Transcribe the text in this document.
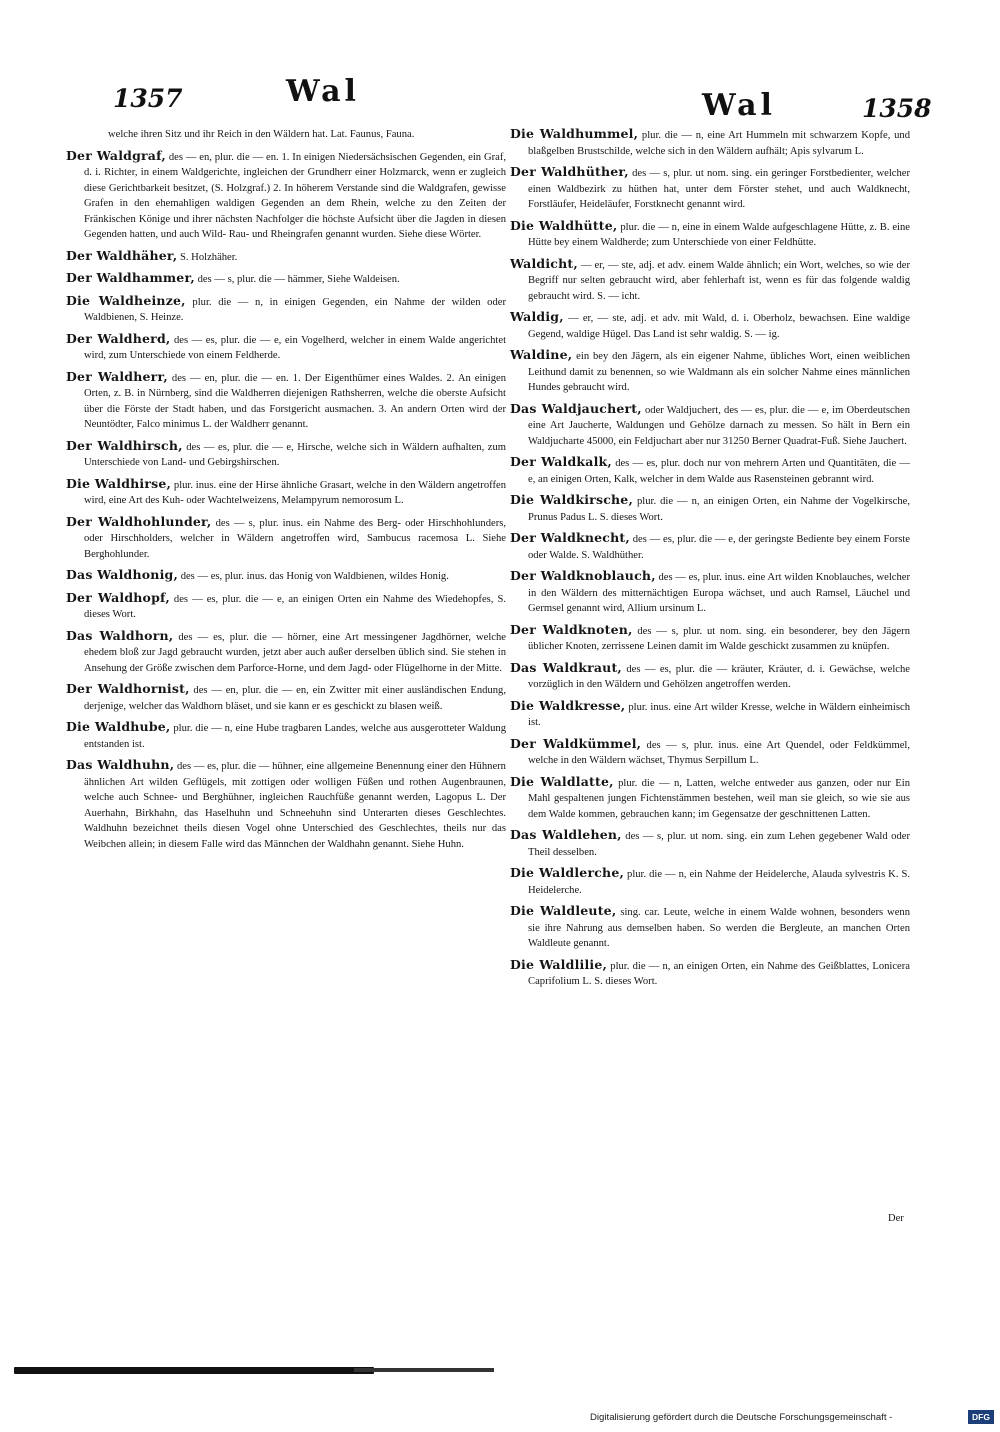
1357	Wal	Wal	1358

welche ihren Sitz und ihr Reich in den Wäldern hat. Lat. Faunus, Fauna.

Der Waldgraf, des — en, plur. die — en. 1. In einigen Niedersächsischen Gegenden, ein Graf, d. i. Richter, in einem Waldgerichte, ingleichen der Grundherr einer Holzmarck, wenn er zugleich diese Gerichtbarkeit besitzet, (S. Holzgraf.) 2. In höherem Verstande sind die Waldgrafen, gewisse Grafen in den ehemahligen waldigen Gegenden an dem Rhein, welche zu den Zeiten der Fränkischen Könige und ihrer nächsten Nachfolger die höchste Aufsicht über die Jagden in diesen Gegenden hatten, und auch Wild- Rau- und Rheingrafen genannt wurden. Siehe diese Wörter.

Der Waldhäher, S. Holzhäher.

Der Waldhammer, des — s, plur. die — hämmer, Siehe Waldeisen.

Die Waldheinze, plur. die — n, in einigen Gegenden, ein Nahme der wilden oder Waldbienen, S. Heinze.

Der Waldherd, des — es, plur. die — e, ein Vogelherd, welcher in einem Walde angerichtet wird, zum Unterschiede von einem Feldherde.

Der Waldherr, des — en, plur. die — en. 1. Der Eigenthümer eines Waldes. 2. An einigen Orten, z. B. in Nürnberg, sind die Waldherren diejenigen Rathsherren, welche die oberste Aufsicht über die Förste der Stadt haben, und das Forstgericht ausmachen. 3. An andern Orten wird der Neuntödter, Falco minimus L. der Waldherr genannt.

Der Waldhirsch, des — es, plur. die — e, Hirsche, welche sich in Wäldern aufhalten, zum Unterschiede von Land- und Gebirgshirschen.

Die Waldhirse, plur. inus. eine der Hirse ähnliche Grasart, welche in den Wäldern angetroffen wird, eine Art des Kuh- oder Wachtelweizens, Melampyrum nemorosum L.

Der Waldhohlunder, des — s, plur. inus. ein Nahme des Berg- oder Hirschhohlunders, oder Hirschholders, welcher in Wäldern angetroffen wird, Sambucus racemosa L. Siehe Berghohlunder.

Das Waldhonig, des — es, plur. inus. das Honig von Waldbienen, wildes Honig.

Der Waldhopf, des — es, plur. die — e, an einigen Orten ein Nahme des Wiedehopfes, S. dieses Wort.

Das Waldhorn, des — es, plur. die — hörner, eine Art messingener Jagdhörner, welche ehedem bloß zur Jagd gebraucht wurden, jetzt aber auch außer derselben üblich sind. Sie stehen in Ansehung der Größe zwischen dem Parforce-Horne, und dem Jagd- oder Flügelhorne in der Mitte.

Der Waldhornist, des — en, plur. die — en, ein Zwitter mit einer ausländischen Endung, derjenige, welcher das Waldhorn bläset, und sie kann er es geschickt zu blasen weiß.

Die Waldhube, plur. die — n, eine Hube tragbaren Landes, welche aus ausgerotteter Waldung entstanden ist.

Das Waldhuhn, des — es, plur. die — hühner, eine allgemeine Benennung einer den Hühnern ähnlichen Art wilden Geflügels, mit zottigen oder wolligen Füßen und rothen Augenbraunen, welche auch Schnee- und Berghühner, ingleichen Rauchfüße genannt werden, Lagopus L. Der Auerhahn, Birkhahn, das Haselhuhn und Schneehuhn sind Unterarten dieses Geschlechtes. Waldhuhn bezeichnet theils diesen Vogel ohne Unterschied des Geschlechtes, theils nur das Weibchen allein; in diesem Falle wird das Männchen der Waldhahn genannt. Siehe Huhn.

Die Waldhummel, plur. die — n, eine Art Hummeln mit schwarzem Kopfe, und blaßgelben Brustschilde, welche sich in den Wäldern aufhält; Apis sylvarum L.

Der Waldhüther, des — s, plur. ut nom. sing. ein geringer Forstbedienter, welcher einen Waldbezirk zu hüthen hat, unter dem Förster stehet, und auch Waldknecht, Forstläufer, Heideläufer, Forstknecht genannt wird.

Die Waldhütte, plur. die — n, eine in einem Walde aufgeschlagene Hütte, z. B. eine Hütte bey einem Waldherde; zum Unterschiede von einer Feldhütte.

Waldicht, — er, — ste, adj. et adv. einem Walde ähnlich; ein Wort, welches, so wie der Begriff nur selten gebraucht wird, aber fehlerhaft ist, wenn es für das folgende waldig gebraucht wird. S. — icht.

Waldig, — er, — ste, adj. et adv. mit Wald, d. i. Oberholz, bewachsen. Eine waldige Gegend, waldige Hügel. Das Land ist sehr waldig. S. — ig.

Waldine, ein bey den Jägern, als ein eigener Nahme, übliches Wort, einen weiblichen Leithund damit zu benennen, so wie Waldmann als ein solcher Nahme eines männlichen Hundes gebraucht wird.

Das Waldjauchert, oder Waldjuchert, des — es, plur. die — e, im Oberdeutschen eine Art Jaucherte, Waldungen und Gehölze darnach zu messen. So hält in Bern ein Waldjucharte 45000, ein Feldjuchart aber nur 31250 Berner Quadrat-Fuß. Siehe Jauchert.

Der Waldkalk, des — es, plur. doch nur von mehrern Arten und Quantitäten, die — e, an einigen Orten, Kalk, welcher in dem Walde aus Rasensteinen gebrannt wird.

Die Waldkirsche, plur. die — n, an einigen Orten, ein Nahme der Vogelkirsche, Prunus Padus L. S. dieses Wort.

Der Waldknecht, des — es, plur. die — e, der geringste Bediente bey einem Forste oder Walde. S. Waldhüther.

Der Waldknoblauch, des — es, plur. inus. eine Art wilden Knoblauches, welcher in den Wäldern des mitternächtigen Europa wächset, und auch Ramsel, Läuchel und Germsel genannt wird, Allium ursinum L.

Der Waldknoten, des — s, plur. ut nom. sing. ein besonderer, bey den Jägern üblicher Knoten, zerrissene Leinen damit im Walde geschickt zusammen zu knüpfen.

Das Waldkraut, des — es, plur. die — kräuter, Kräuter, d. i. Gewächse, welche vorzüglich in den Wäldern und Gehölzen angetroffen werden.

Die Waldkresse, plur. inus. eine Art wilder Kresse, welche in Wäldern einheimisch ist.

Der Waldkümmel, des — s, plur. inus. eine Art Quendel, oder Feldkümmel, welche in den Wäldern wächset, Thymus Serpillum L.

Die Waldlatte, plur. die — n, Latten, welche entweder aus ganzen, oder nur Ein Mahl gespaltenen jungen Fichtenstämmen bestehen, weil man sie gleich, so wie sie aus dem Walde kommen, gebrauchen kann; im Gegensatze der geschnittenen Latten.

Das Waldlehen, des — s, plur. ut nom. sing. ein zum Lehen gegebener Wald oder Theil desselben.

Die Waldlerche, plur. die — n, ein Nahme der Heidelerche, Alauda sylvestris K. S. Heidelerche.

Die Waldleute, sing. car. Leute, welche in einem Walde wohnen, besonders wenn sie ihre Nahrung aus demselben haben. So werden die Bergleute, an manchen Orten Waldleute genannt.

Die Waldlilie, plur. die — n, an einigen Orten, ein Nahme des Geißblattes, Lonicera Caprifolium L. S. dieses Wort.

Der
Digitalisierung gefördert durch die Deutsche Forschungsgemeinschaft -	DFG
